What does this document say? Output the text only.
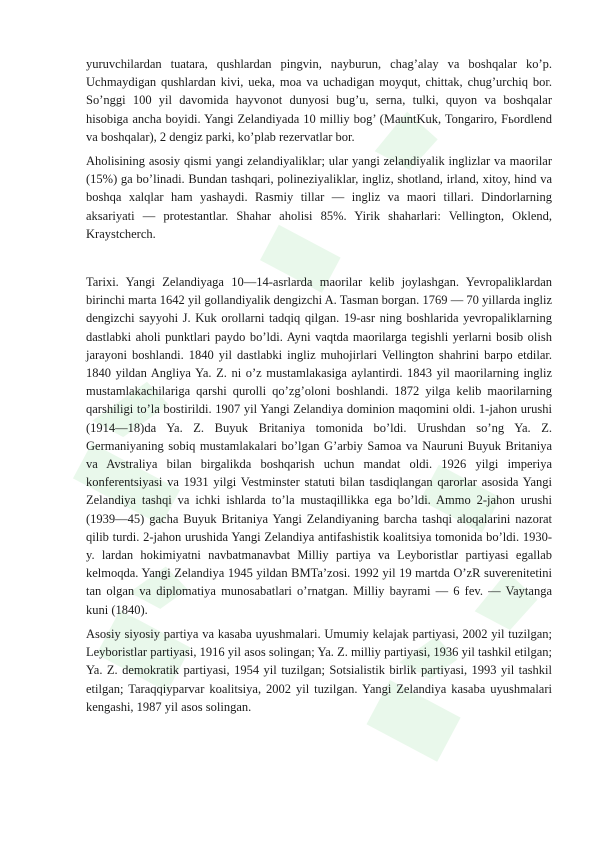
yuruvchilardan tuatara, qushlardan pingvin, nayburun, chag’alay va boshqalar ko’p. Uchmaydigan qushlardan kivi, ueka, moa va uchadigan moyqut, chittak, chug’urchiq bor. So’nggi 100 yil davomida hayvonot dunyosi bug’u, serna, tulki, quyon va boshqalar hisobiga ancha boyidi. Yangi Zelandiyada 10 milliy bog’ (MauntKuk, Tongariro, Fьordlend va boshqalar), 2 dengiz parki, ko’plab rezervatlar bor.

Aholisining asosiy qismi yangi zelandiyaliklar; ular yangi zelandiyalik inglizlar va maorilar (15%) ga bo’linadi. Bundan tashqari, polineziyaliklar, ingliz, shotland, irland, xitoy, hind va boshqa xalqlar ham yashaydi. Rasmiy tillar — ingliz va maori tillari. Dindorlarning aksariyati — protestantlar. Shahar aholisi 85%. Yirik shaharlari: Vellington, Oklend, Kraystcherch.

Tarixi. Yangi Zelandiyaga 10—14-asrlarda maorilar kelib joylashgan. Yevropaliklardan birinchi marta 1642 yil gollandiyalik dengizchi A. Tasman borgan. 1769 — 70 yillarda ingliz dengizchi sayyohi J. Kuk orollarni tadqiq qilgan. 19-asr ning boshlarida yevropaliklarning dastlabki aholi punktlari paydo bo’ldi. Ayni vaqtda maorilarga tegishli yerlarni bosib olish jarayoni boshlandi. 1840 yil dastlabki ingliz muhojirlari Vellington shahrini barpo etdilar. 1840 yildan Angliya Ya. Z. ni o’z mustamlakasiga aylantirdi. 1843 yil maorilarning ingliz mustamlakachilariga qarshi qurolli qo’zg’oloni boshlandi. 1872 yilga kelib maorilarning qarshiligi to’la bostirildi. 1907 yil Yangi Zelandiya dominion maqomini oldi. 1-jahon urushi (1914—18)da Ya. Z. Buyuk Britaniya tomonida bo’ldi. Urushdan so’ng Ya. Z. Germaniyaning sobiq mustamlakalari bo’lgan G’arbiy Samoa va Nauruni Buyuk Britaniya va Avstraliya bilan birgalikda boshqarish uchun mandat oldi. 1926 yilgi imperiya konferentsiyasi va 1931 yilgi Vestminster statuti bilan tasdiqlangan qarorlar asosida Yangi Zelandiya tashqi va ichki ishlarda to’la mustaqillikka ega bo’ldi. Ammo 2-jahon urushi (1939—45) gacha Buyuk Britaniya Yangi Zelandiyaning barcha tashqi aloqalarini nazorat qilib turdi. 2-jahon urushida Yangi Zelandiya antifashistik koalitsiya tomonida bo’ldi. 1930-y. lardan hokimiyatni navbatmanavbat Milliy partiya va Leyboristlar partiyasi egallab kelmoqda. Yangi Zelandiya 1945 yildan BMTa’zosi. 1992 yil 19 martda O’zR suverenitetini tan olgan va diplomatiya munosabatlari o’rnatgan. Milliy bayrami — 6 fev. — Vaytanga kuni (1840).

Asosiy siyosiy partiya va kasaba uyushmalari. Umumiy kelajak partiyasi, 2002 yil tuzilgan; Leyboristlar partiyasi, 1916 yil asos solingan; Ya. Z. milliy partiyasi, 1936 yil tashkil etilgan; Ya. Z. demokratik partiyasi, 1954 yil tuzilgan; Sotsialistik birlik partiyasi, 1993 yil tashkil etilgan; Taraqqiyparvar koalitsiya, 2002 yil tuzilgan. Yangi Zelandiya kasaba uyushmalari kengashi, 1987 yil asos solingan.
